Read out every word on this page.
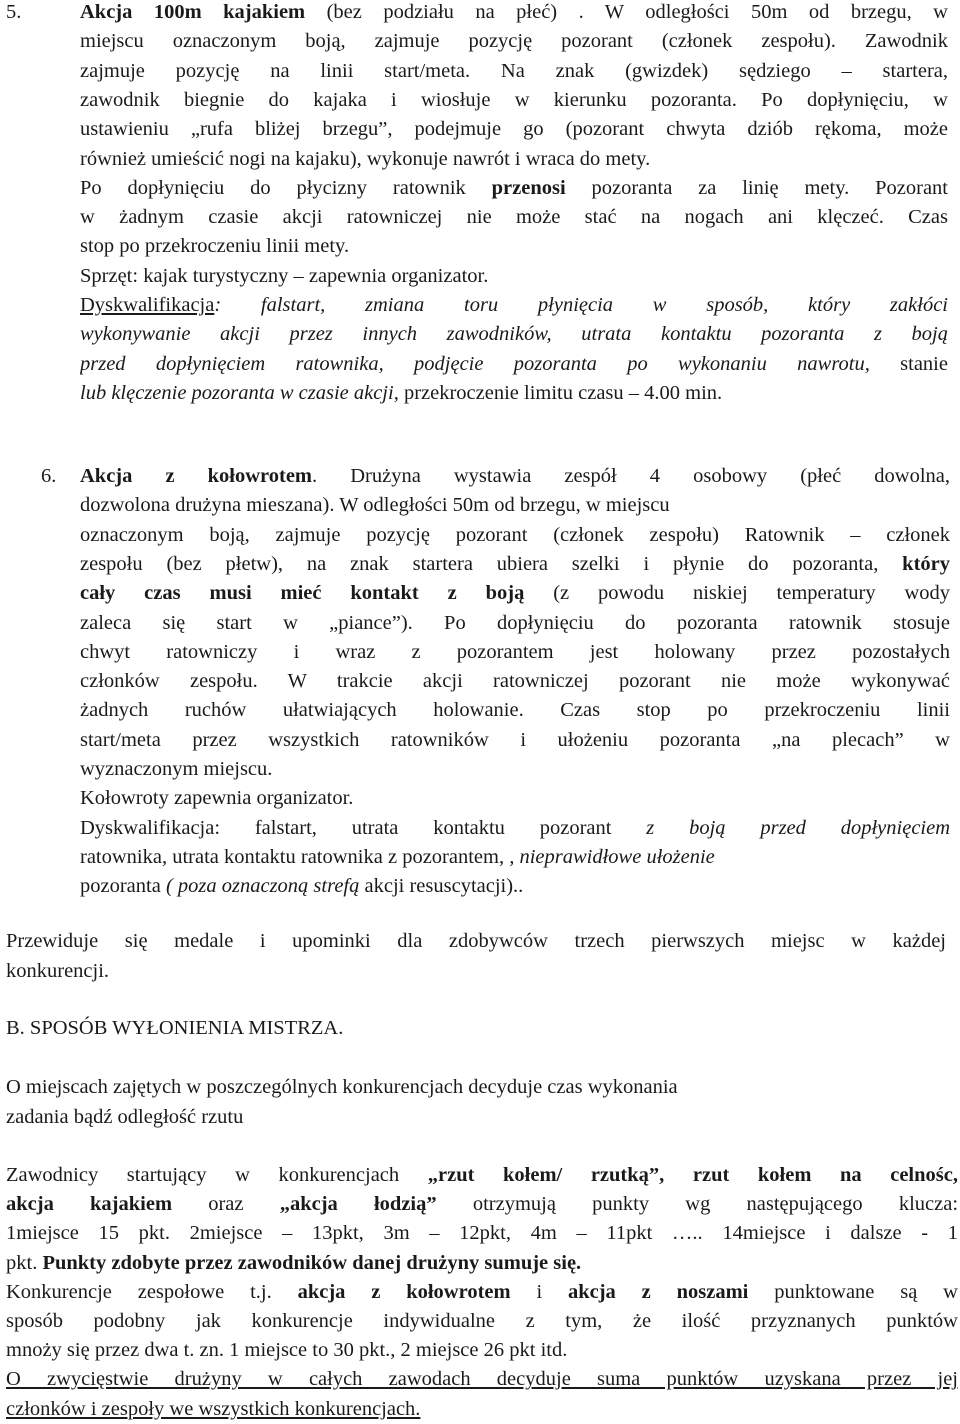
5.	Akcja 100m kajakiem (bez podziału na płeć) . W odległości 50m od brzegu, w
miejscu oznaczonym boją, zajmuje pozycję pozorant (członek zespołu). Zawodnik
zajmuje pozycję na linii start/meta. Na znak (gwizdek) sędziego – startera,
zawodnik biegnie do kajaka i wiosłuje w kierunku pozoranta. Po dopłynięciu, w
ustawieniu „rufa bliżej brzegu”, podejmuje go (pozorant chwyta dziób rękoma, może
również umieścić nogi na kajaku), wykonuje nawrót i wraca do mety.
Po dopłynięciu do płycizny ratownik przenosi pozoranta za linię mety. Pozorant
w żadnym czasie akcji ratowniczej nie może stać na nogach ani klęczeć. Czas
stop po przekroczeniu linii mety.
Sprzęt: kajak turystyczny – zapewnia organizator.
Dyskwalifikacja: falstart, zmiana toru płynięcia w sposób, który zakłóci
wykonywanie akcji przez innych zawodników, utrata kontaktu pozoranta z boją
przed dopłynięciem ratownika, podjęcie pozoranta po wykonaniu nawrotu, stanie
lub klęczenie pozoranta w czasie akcji, przekroczenie limitu czasu – 4.00 min.
6. Akcja z kołowrotem. Drużyna wystawia zespół 4 osobowy (płeć dowolna,
dozwolona drużyna mieszana). W odległości 50m od brzegu, w miejscu
oznaczonym boją, zajmuje pozycję pozorant (członek zespołu) Ratownik – członek
zespołu (bez płetw), na znak startera ubiera szelki i płynie do pozoranta, który
cały czas musi mieć kontakt z boją (z powodu niskiej temperatury wody
zaleca się start w „piance”). Po dopłynięciu do pozoranta ratownik stosuje
chwyt ratowniczy i wraz z pozorantem jest holowany przez pozostałych
członków zespołu. W trakcie akcji ratowniczej pozorant nie może wykonywać
żadnych ruchów ułatwiających holowanie. Czas stop po przekroczeniu linii
start/meta przez wszystkich ratowników i ułożeniu pozoranta „na plecach” w
wyznaczonym miejscu.
Kołowroty zapewnia organizator.
Dyskwalifikacja: falstart, utrata kontaktu pozorant z boją przed dopłynięciem
ratownika, utrata kontaktu ratownika z pozorantem, , nieprawidłowe ułożenie
pozoranta ( poza oznaczoną strefą akcji resuscytacji)..
Przewiduje się medale i upominki dla zdobywców trzech pierwszych miejsc w każdej
konkurencji.
B. SPOSÓB WYŁONIENIA MISTRZA.
O miejscach zajętych w poszczególnych konkurencjach decyduje czas wykonania
zadania bądź odległość rzutu
Zawodnicy startujący w konkurencjach „rzut kołem/ rzutką”, rzut kołem na celnośc,
akcja kajakiem oraz „akcja łodzią” otrzymują punkty wg następującego klucza:
1miejsce 15 pkt. 2miejsce – 13pkt, 3m – 12pkt, 4m – 11pkt ….. 14miejsce i dalsze - 1
pkt. Punkty zdobyte przez zawodników danej drużyny sumuje się.
Konkurencje zespołowe t.j. akcja z kołowrotem i akcja z noszami punktowane są w
sposób podobny jak konkurencje indywidualne z tym, że ilość przyznanych punktów
mnoży się przez dwa t. zn. 1 miejsce to 30 pkt., 2 miejsce 26 pkt itd.
O zwycięstwie drużyny w całych zawodach decyduje suma punktów uzyskana przez jej
członków i zespoły we wszystkich konkurencjach.
